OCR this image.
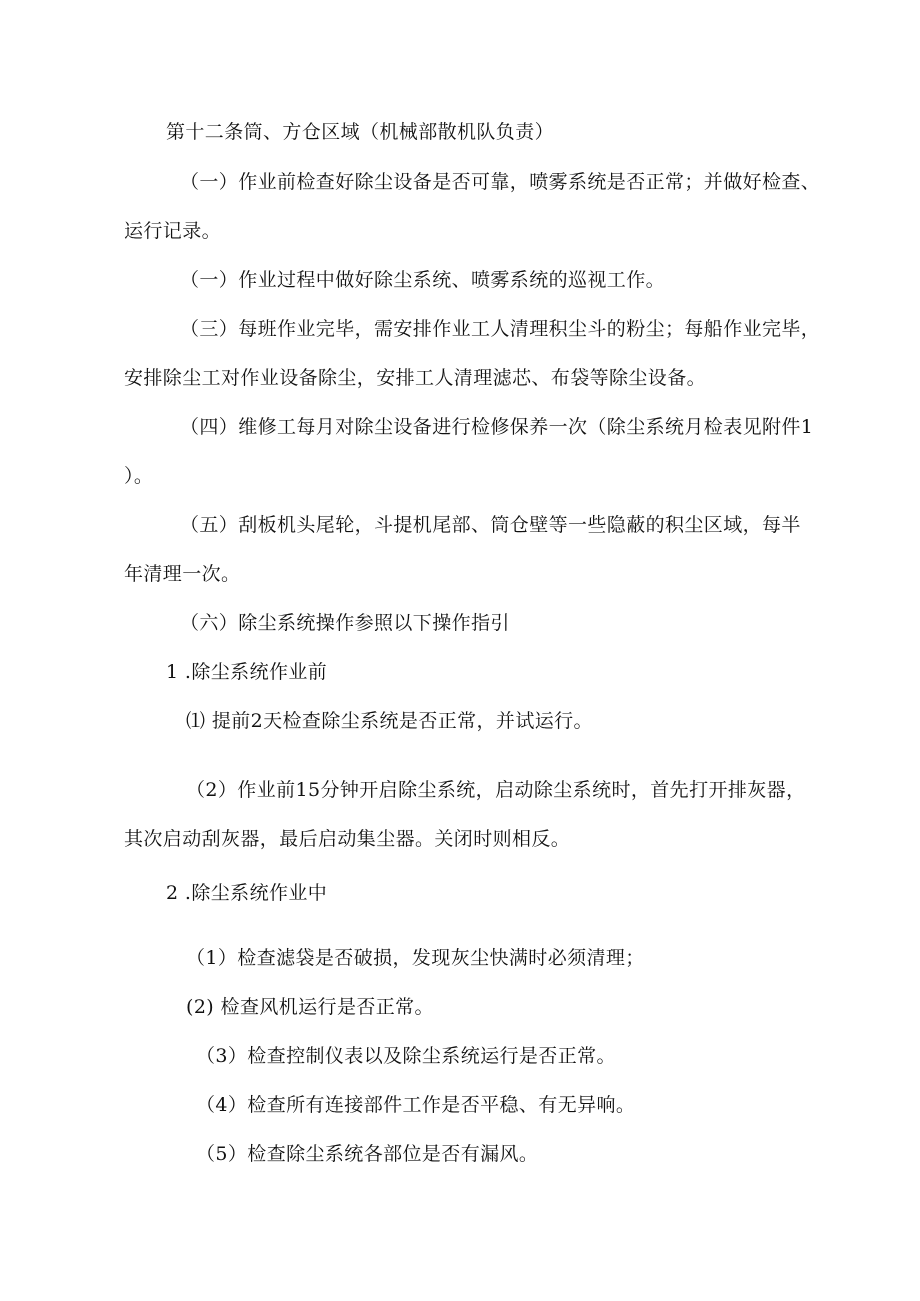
第十二条筒、方仓区域（机械部散机队负责）
（一）作业前检查好除尘设备是否可靠，喷雾系统是否正常；并做好检查、
运行记录。
（一）作业过程中做好除尘系统、喷雾系统的巡视工作。
（三）每班作业完毕，需安排作业工人清理积尘斗的粉尘；每船作业完毕，
安排除尘工对作业设备除尘，安排工人清理滤芯、布袋等除尘设备。
（四）维修工每月对除尘设备进行检修保养一次（除尘系统月检表见附件1
）。
（五）刮板机头尾轮，斗提机尾部、筒仓壁等一些隐蔽的积尘区域，每半
年清理一次。
（六）除尘系统操作参照以下操作指引
1 .除尘系统作业前
⑴ 提前2天检查除尘系统是否正常，并试运行。
（2）作业前15分钟开启除尘系统，启动除尘系统时，首先打开排灰器，
其次启动刮灰器，最后启动集尘器。关闭时则相反。
2 .除尘系统作业中
（1）检查滤袋是否破损，发现灰尘快满时必须清理；
(2) 检查风机运行是否正常。
（3）检查控制仪表以及除尘系统运行是否正常。
（4）检查所有连接部件工作是否平稳、有无异响。
（5）检查除尘系统各部位是否有漏风。
